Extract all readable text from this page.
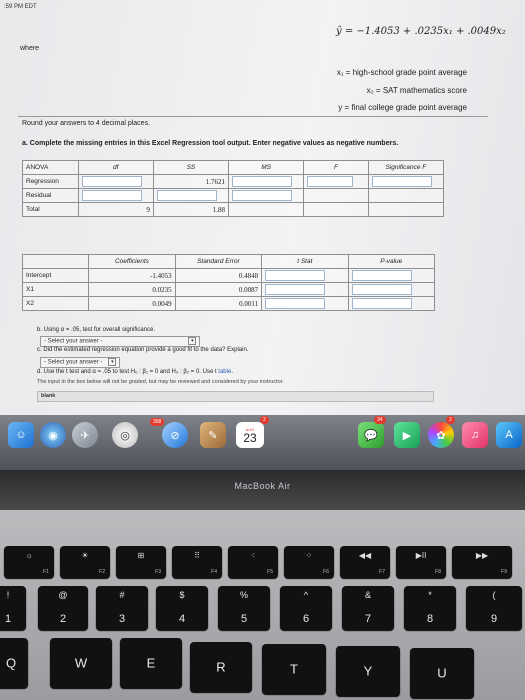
:59 PM EDT
ŷ = −1.4053 + .0235x₁ + .0049x₂
where
x₁ = high-school grade point average
x₂ = SAT mathematics score
y = final college grade point average
Round your answers to 4 decimal places.
a. Complete the missing entries in this Excel Regression tool output. Enter negative values as negative numbers.
ANOVA	df	SS	MS	F	Significance F
Regression		1.7621			
Residual					
Total	9	1.88			
	Coefficients	Standard Error	t Stat	P-value
Intercept	-1.4053	0.4848		
X1	0.0235	0.0087		
X2	0.0049	0.0011		
b. Using α = .05, test for overall significance.
- Select your answer -	▾
c. Did the estimated regression equation provide a good fit to the data? Explain.
- Select your answer - ▾
d. Use the t test and α = .05 to test H₀ : β₁ = 0 and H₀ : β₂ = 0. Use t table.
The input in the box below will not be graded, but may be reviewed and considered by your instructor.
blank
☺	◉	✈	◎
368
⊘	✎
AUG
23
2
💬
34
▶	✿
2
♫	A
MacBook Air
☼
F1
☀
F2
⊞
F3
⠿
F4
⁖
F5
⁘
F6
◀◀
F7
▶II
F8
▶▶
F9
!
1
@
2
#
3
$
4
%
5
^
6
&
7
*
8
(
9
Q	W	E	R	T	Y	U
